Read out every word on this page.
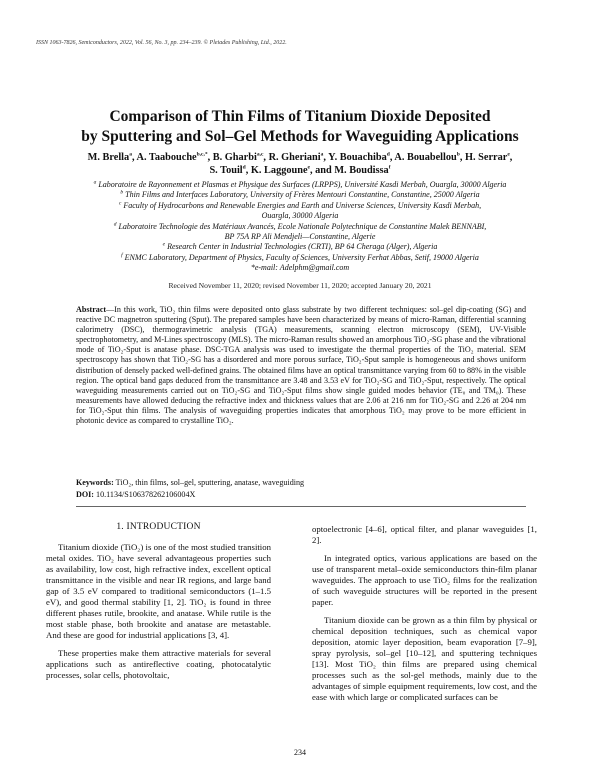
ISSN 1063-7826, Semiconductors, 2022, Vol. 56, No. 3, pp. 234–239. © Pleiades Publishing, Ltd., 2022.
Comparison of Thin Films of Titanium Dioxide Deposited
by Sputtering and Sol–Gel Methods for Waveguiding Applications
M. Brella$^a$, A. Taabouche$^{b,c,*}$, B. Gharbi$^{a,c}$, R. Gheriani$^a$, Y. Bouachiba$^d$, A. Bouabellou$^b$, H. Serrar$^e$,
S. Touil$^d$, K. Laggoune$^e$, and M. Boudissa$^f$
$^a$ Laboratoire de Rayonnement et Plasmas et Physique des Surfaces (LRPPS), Université Kasdi Merbah, Ouargla, 30000 Algeria
$^b$ Thin Films and Interfaces Laboratory, University of Frères Mentouri Constantine, Constantine, 25000 Algeria
$^c$ Faculty of Hydrocarbons and Renewable Energies and Earth and Universe Sciences, University Kasdi Merbah,
Ouargla, 30000 Algeria
$^d$ Laboratoire Technologie des Matériaux Avancés, Ecole Nationale Polytechnique de Constantine Malek BENNABI,
BP 75A RP Ali Mendjeli—Constantine, Algerie
$^e$ Research Center in Industrial Technologies (CRTI), BP 64 Cheraga (Alger), Algeria
$^f$ ENMC Laboratory, Department of Physics, Faculty of Sciences, University Ferhat Abbas, Setif, 19000 Algeria
*e-mail: Adelphm@gmail.com
Received November 11, 2020; revised November 11, 2020; accepted January 20, 2021
Abstract—In this work, TiO₂ thin films were deposited onto glass substrate by two different techniques: sol–gel dip-coating (SG) and reactive DC magnetron sputtering (Sput). The prepared samples have been characterized by means of micro-Raman, differential scanning calorimetry (DSC), thermogravimetric analysis (TGA) measurements, scanning electron microscopy (SEM), UV-Visible spectrophotometry, and M-Lines spectroscopy (MLS). The micro-Raman results showed an amorphous TiO₂-SG phase and the vibrational mode of TiO₂-Sput is anatase phase. DSC-TGA analysis was used to investigate the thermal properties of the TiO₂ material. SEM spectroscopy has shown that TiO₂-SG has a disordered and more porous surface, TiO₂-Sput sample is homogeneous and shows uniform distribution of densely packed well-defined grains. The obtained films have an optical transmittance varying from 60 to 88% in the visible region. The optical band gaps deduced from the transmittance are 3.48 and 3.53 eV for TiO₂-SG and TiO₂-Sput, respectively. The optical waveguiding measurements carried out on TiO₂-SG and TiO₂-Sput films show single guided modes behavior (TE₀ and TM₀). These measurements have allowed deducing the refractive index and thickness values that are 2.06 at 216 nm for TiO₂-SG and 2.26 at 204 nm for TiO₂-Sput thin films. The analysis of waveguiding properties indicates that amorphous TiO₂ may prove to be more efficient in photonic device as compared to crystalline TiO₂.
Keywords: TiO₂, thin films, sol–gel, sputtering, anatase, waveguiding
DOI: 10.1134/S106378262106004X
1. INTRODUCTION

Titanium dioxide (TiO₂) is one of the most studied transition metal oxides. TiO₂ have several advantageous properties such as availability, low cost, high refractive index, excellent optical transmittance in the visible and near IR regions, and large band gap of 3.5 eV compared to traditional semiconductors (1–1.5 eV), and good thermal stability [1, 2]. TiO₂ is found in three different phases rutile, brookite, and anatase. While rutile is the most stable phase, both brookite and anatase are metastable. And these are good for industrial applications [3, 4].

These properties make them attractive materials for several applications such as antireflective coating, photocatalytic processes, solar cells, photovoltaic,

optoelectronic [4–6], optical filter, and planar waveguides [1, 2].

In integrated optics, various applications are based on the use of transparent metal–oxide semiconductors thin-film planar waveguides. The approach to use TiO₂ films for the realization of such waveguide structures will be reported in the present paper.

Titanium dioxide can be grown as a thin film by physical or chemical deposition techniques, such as chemical vapor deposition, atomic layer deposition, beam evaporation [7–9], spray pyrolysis, sol–gel [10–12], and sputtering techniques [13]. Most TiO₂ thin films are prepared using chemical processes such as the sol-gel methods, mainly due to the advantages of simple equipment requirements, low cost, and the ease with which large or complicated surfaces can be

234
